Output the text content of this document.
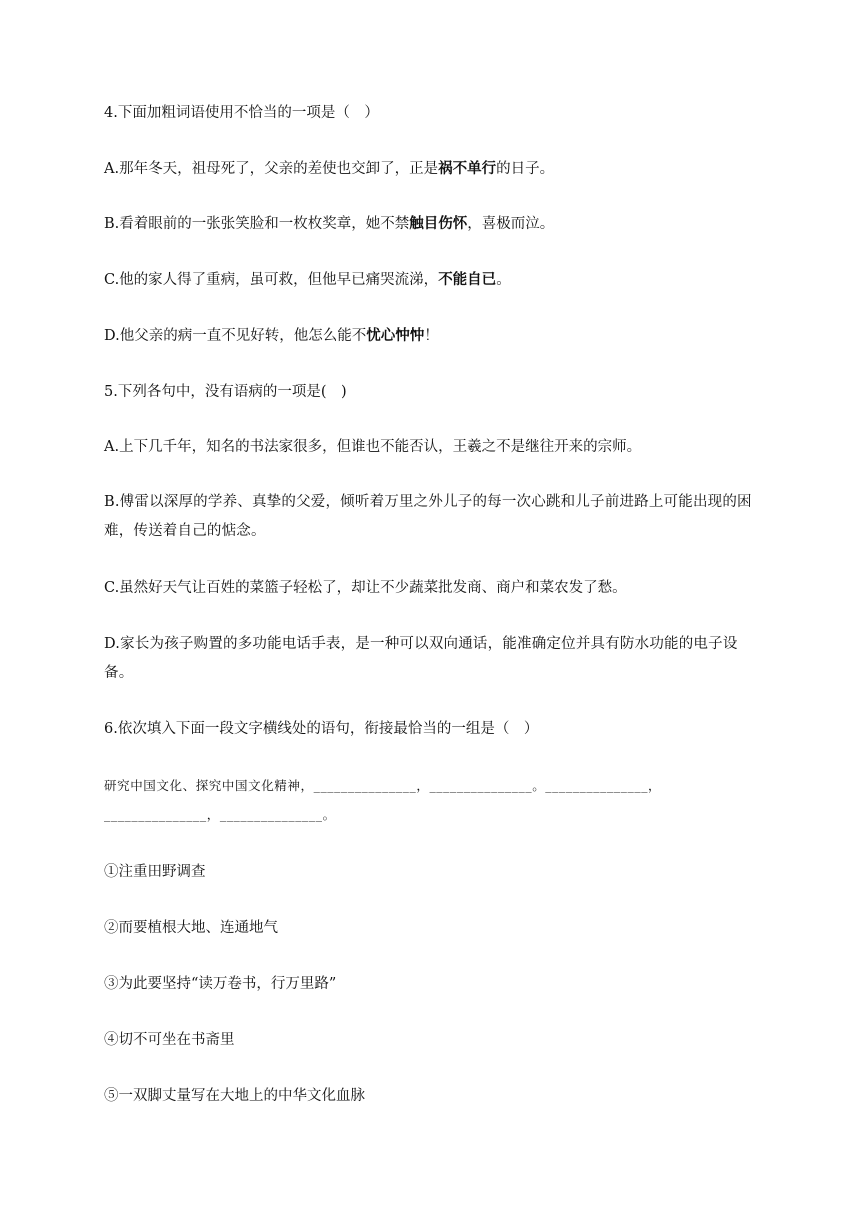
4.下面加粗词语使用不恰当的一项是（　）
A.那年冬天，祖母死了，父亲的差使也交卸了，正是祸不单行的日子。
B.看着眼前的一张张笑脸和一枚枚奖章，她不禁触目伤怀，喜极而泣。
C.他的家人得了重病，虽可救，但他早已痛哭流涕，不能自已。
D.他父亲的病一直不见好转，他怎么能不忧心忡忡！
5.下列各句中，没有语病的一项是(　)
A.上下几千年，知名的书法家很多，但谁也不能否认，王羲之不是继往开来的宗师。
B.傅雷以深厚的学养、真挚的父爱，倾听着万里之外儿子的每一次心跳和儿子前进路上可能出现的困难，传送着自己的惦念。
C.虽然好天气让百姓的菜篮子轻松了，却让不少蔬菜批发商、商户和菜农发了愁。
D.家长为孩子购置的多功能电话手表，是一种可以双向通话，能准确定位并具有防水功能的电子设备。
6.依次填入下面一段文字横线处的语句，衔接最恰当的一组是（　）
研究中国文化、探究中国文化精神，_______________，_______________。_______________，
_______________，_______________。
①注重田野调查
②而要植根大地、连通地气
③为此要坚持“读万卷书，行万里路”
④切不可坐在书斋里
⑤一双脚丈量写在大地上的中华文化血脉
